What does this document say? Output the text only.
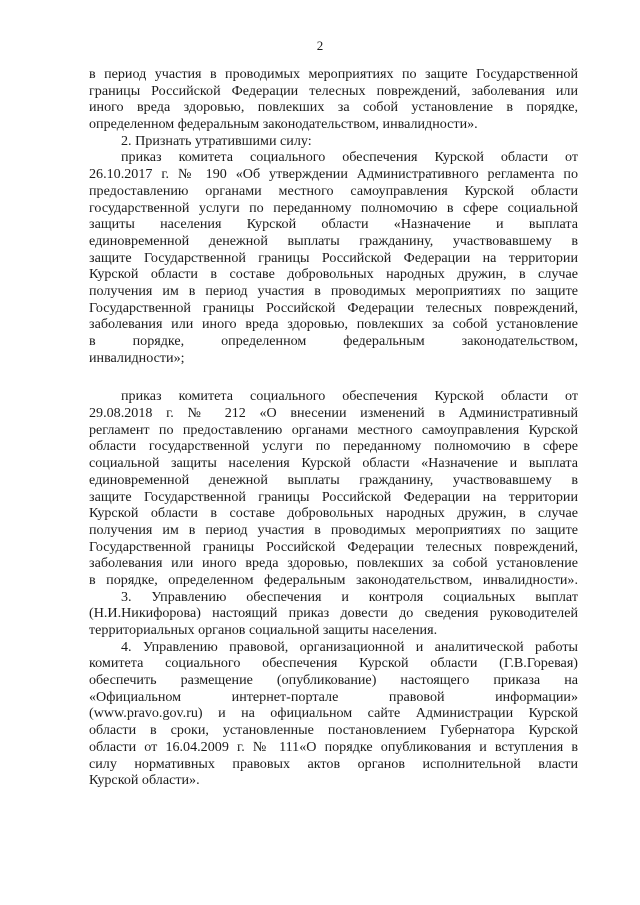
2
в период участия в проводимых мероприятиях по защите Государственной
границы Российской Федерации телесных повреждений, заболевания или
иного вреда здоровью, повлекших за собой установление в порядке,
определенном федеральным законодательством, инвалидности».
2. Признать утратившими силу:
приказ комитета социального обеспечения Курской области от
26.10.2017 г. № 190 «Об утверждении Административного регламента по
предоставлению органами местного самоуправления Курской области
государственной услуги по переданному полномочию в сфере социальной
защиты населения Курской области «Назначение и выплата
единовременной денежной выплаты гражданину, участвовавшему в
защите Государственной границы Российской Федерации на территории
Курской области в составе добровольных народных дружин, в случае
получения им в период участия в проводимых мероприятиях по защите
Государственной границы Российской Федерации телесных повреждений,
заболевания или иного вреда здоровью, повлекших за собой установление
в порядке, определенном федеральным законодательством,
инвалидности»;
приказ комитета социального обеспечения Курской области от
29.08.2018 г. № 212 «О внесении изменений в Административный
регламент по предоставлению органами местного самоуправления Курской
области государственной услуги по переданному полномочию в сфере
социальной защиты населения Курской области «Назначение и выплата
единовременной денежной выплаты гражданину, участвовавшему в
защите Государственной границы Российской Федерации на территории
Курской области в составе добровольных народных дружин, в случае
получения им в период участия в проводимых мероприятиях по защите
Государственной границы Российской Федерации телесных повреждений,
заболевания или иного вреда здоровью, повлекших за собой установление
в порядке, определенном федеральным законодательством, инвалидности».
3. Управлению обеспечения и контроля социальных выплат
(Н.И.Никифорова) настоящий приказ довести до сведения руководителей
территориальных органов социальной защиты населения.
4. Управлению правовой, организационной и аналитической работы
комитета социального обеспечения Курской области (Г.В.Горевая)
обеспечить размещение (опубликование) настоящего приказа на
«Официальном интернет-портале правовой информации»
(www.pravo.gov.ru) и на официальном сайте Администрации Курской
области в сроки, установленные постановлением Губернатора Курской
области от 16.04.2009 г. № 111«О порядке опубликования и вступления в
силу нормативных правовых актов органов исполнительной власти
Курской области».
